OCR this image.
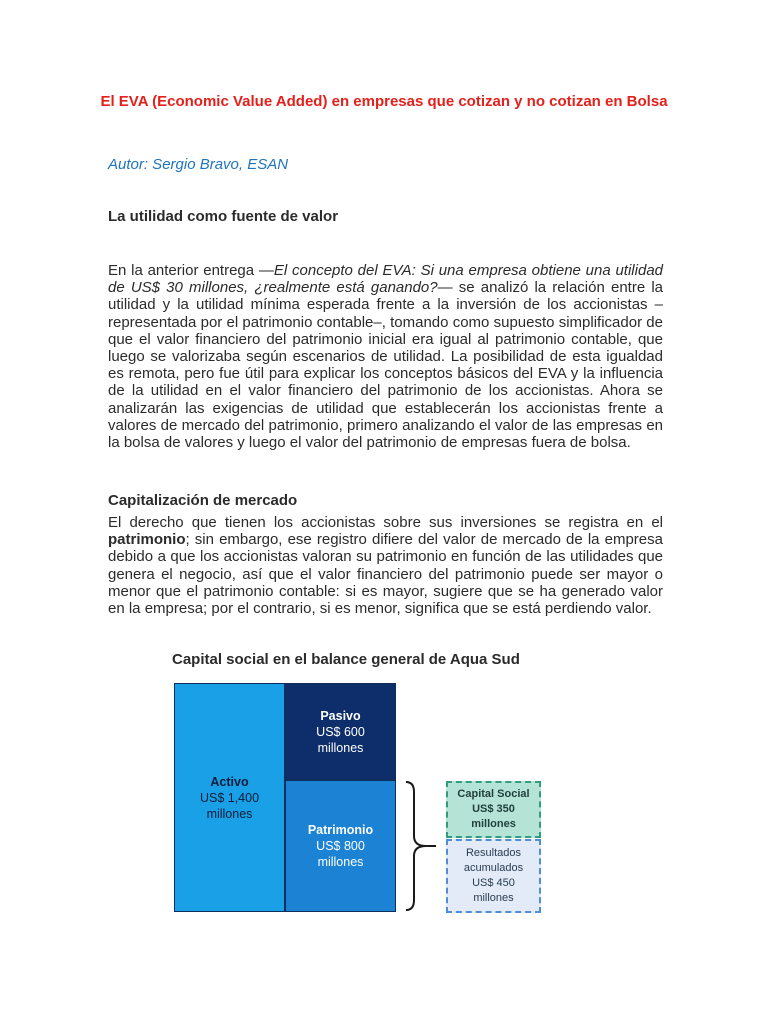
El EVA (Economic Value Added) en empresas que cotizan y no cotizan en Bolsa
Autor: Sergio Bravo, ESAN
La utilidad como fuente de valor
En la anterior entrega —El concepto del EVA: Si una empresa obtiene una utilidad de US$ 30 millones, ¿realmente está ganando?— se analizó la relación entre la utilidad y la utilidad mínima esperada frente a la inversión de los accionistas – representada por el patrimonio contable–, tomando como supuesto simplificador de que el valor financiero del patrimonio inicial era igual al patrimonio contable, que luego se valorizaba según escenarios de utilidad. La posibilidad de esta igualdad es remota, pero fue útil para explicar los conceptos básicos del EVA y la influencia de la utilidad en el valor financiero del patrimonio de los accionistas. Ahora se analizarán las exigencias de utilidad que establecerán los accionistas frente a valores de mercado del patrimonio, primero analizando el valor de las empresas en la bolsa de valores y luego el valor del patrimonio de empresas fuera de bolsa.
Capitalización de mercado
El derecho que tienen los accionistas sobre sus inversiones se registra en el patrimonio; sin embargo, ese registro difiere del valor de mercado de la empresa debido a que los accionistas valoran su patrimonio en función de las utilidades que genera el negocio, así que el valor financiero del patrimonio puede ser mayor o menor que el patrimonio contable: si es mayor, sugiere que se ha generado valor en la empresa; por el contrario, si es menor, significa que se está perdiendo valor.
Capital social en el balance general de Aqua Sud
Activo
US$ 1,400
millones
Pasivo
US$ 600
millones
Patrimonio
US$ 800
millones
Capital Social
US$ 350
millones
Resultados
acumulados
US$ 450
millones
